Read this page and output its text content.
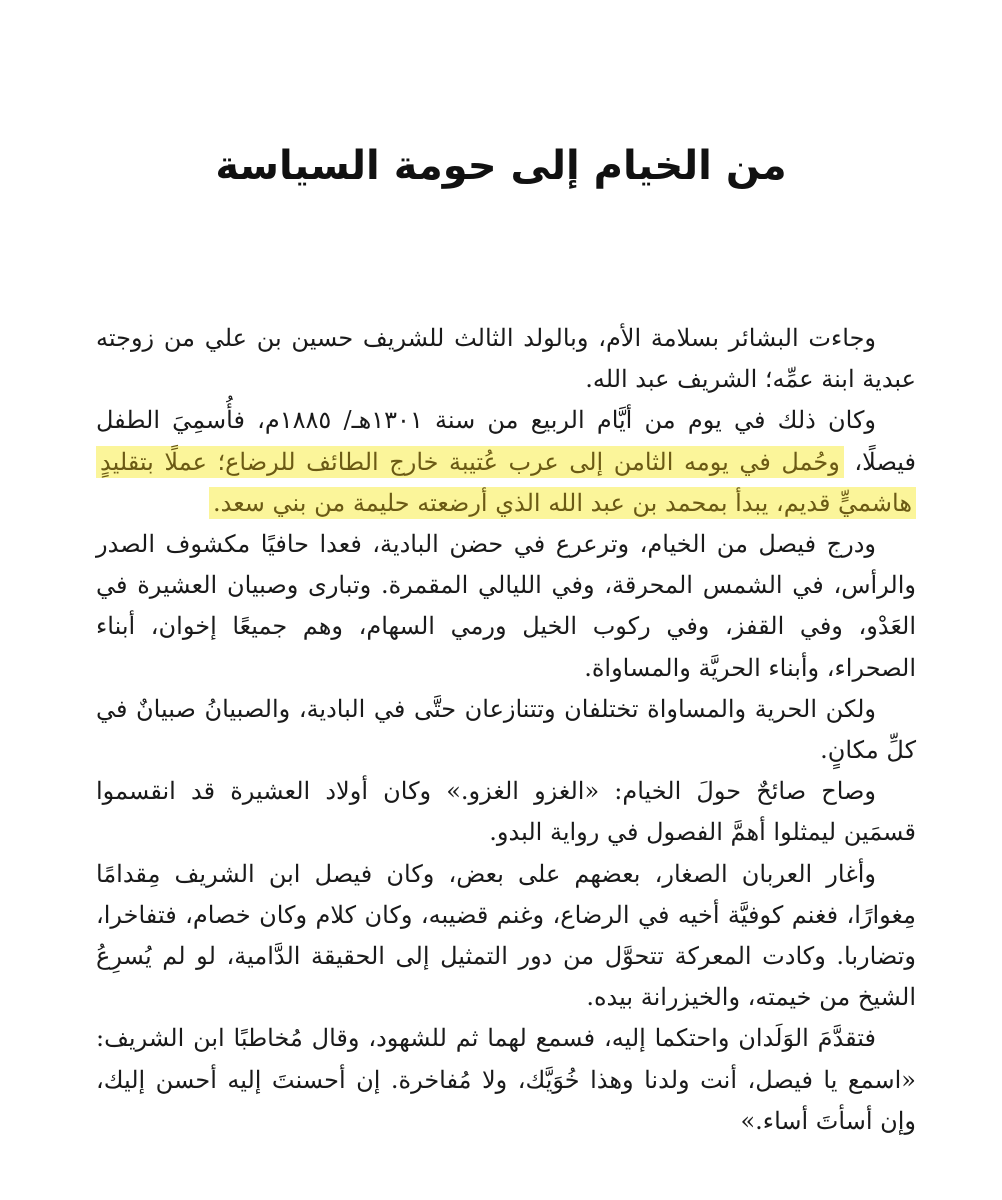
من الخيام إلى حومة السياسة

وجاءت البشائر بسلامة الأم، وبالولد الثالث للشريف حسين بن علي من زوجته عبدية ابنة عمِّه؛ الشريف عبد الله.

وكان ذلك في يوم من أيَّام الربيع من سنة ١٣٠١هـ/ ١٨٨٥م، فأُسمِيَ الطفل فيصلًا، وحُمل في يومه الثامن إلى عرب عُتيبة خارج الطائف للرضاع؛ عملًا بتقليدٍ هاشميٍّ قديم، يبدأ بمحمد بن عبد الله الذي أرضعته حليمة من بني سعد.

ودرج فيصل من الخيام، وترعرع في حضن البادية، فعدا حافيًا مكشوف الصدر والرأس، في الشمس المحرقة، وفي الليالي المقمرة. وتبارى وصبيان العشيرة في العَدْو، وفي القفز، وفي ركوب الخيل ورمي السهام، وهم جميعًا إخوان، أبناء الصحراء، وأبناء الحريَّة والمساواة.

ولكن الحرية والمساواة تختلفان وتتنازعان حتَّى في البادية، والصبيانُ صبيانٌ في كلِّ مكانٍ.

وصاح صائحٌ حولَ الخيام: «الغزو الغزو.» وكان أولاد العشيرة قد انقسموا قسمَين ليمثلوا أهمَّ الفصول في رواية البدو.

وأغار العربان الصغار، بعضهم على بعض، وكان فيصل ابن الشريف مِقدامًا مِغوارًا، فغنم كوفيَّة أخيه في الرضاع، وغنم قضيبه، وكان كلام وكان خصام، فتفاخرا، وتضاربا. وكادت المعركة تتحوَّل من دور التمثيل إلى الحقيقة الدَّامية، لو لم يُسرِعُ الشيخ من خيمته، والخيزرانة بيده.

فتقدَّمَ الوَلَدان واحتكما إليه، فسمع لهما ثم للشهود، وقال مُخاطبًا ابن الشريف: «اسمع يا فيصل، أنت ولدنا وهذا خُوَيَّك، ولا مُفاخرة. إن أحسنتَ إليه أحسن إليك، وإن أسأتَ أساء.»
